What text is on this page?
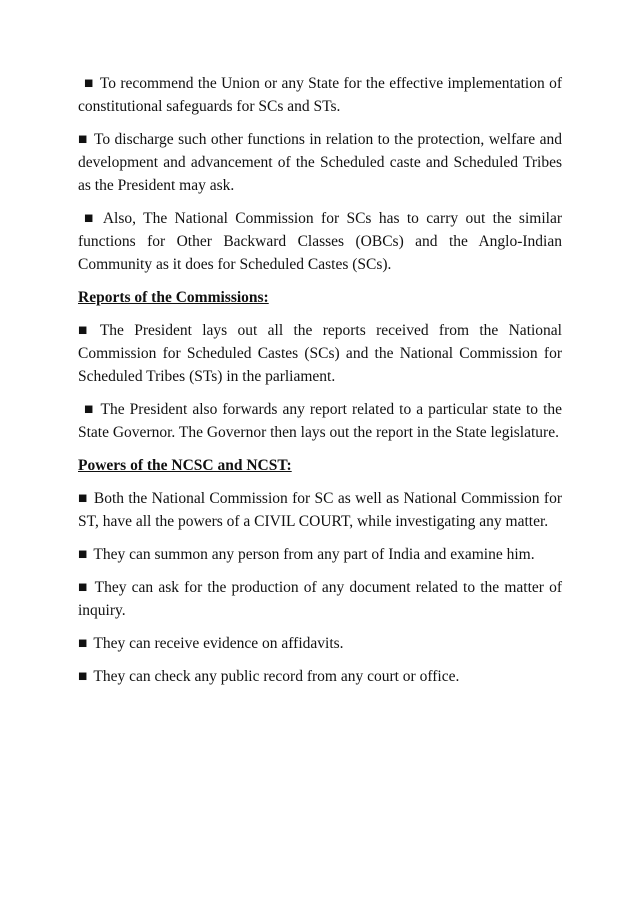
■ To recommend the Union or any State for the effective implementation of constitutional safeguards for SCs and STs.

■ To discharge such other functions in relation to the protection, welfare and development and advancement of the Scheduled caste and Scheduled Tribes as the President may ask.

■ Also, The National Commission for SCs has to carry out the similar functions for Other Backward Classes (OBCs) and the Anglo-Indian Community as it does for Scheduled Castes (SCs).

Reports of the Commissions:

■ The President lays out all the reports received from the National Commission for Scheduled Castes (SCs) and the National Commission for Scheduled Tribes (STs) in the parliament.

■ The President also forwards any report related to a particular state to the State Governor. The Governor then lays out the report in the State legislature.

Powers of the NCSC and NCST:

■ Both the National Commission for SC as well as National Commission for ST, have all the powers of a CIVIL COURT, while investigating any matter.

■ They can summon any person from any part of India and examine him.

■ They can ask for the production of any document related to the matter of inquiry.

■ They can receive evidence on affidavits.

■ They can check any public record from any court or office.
